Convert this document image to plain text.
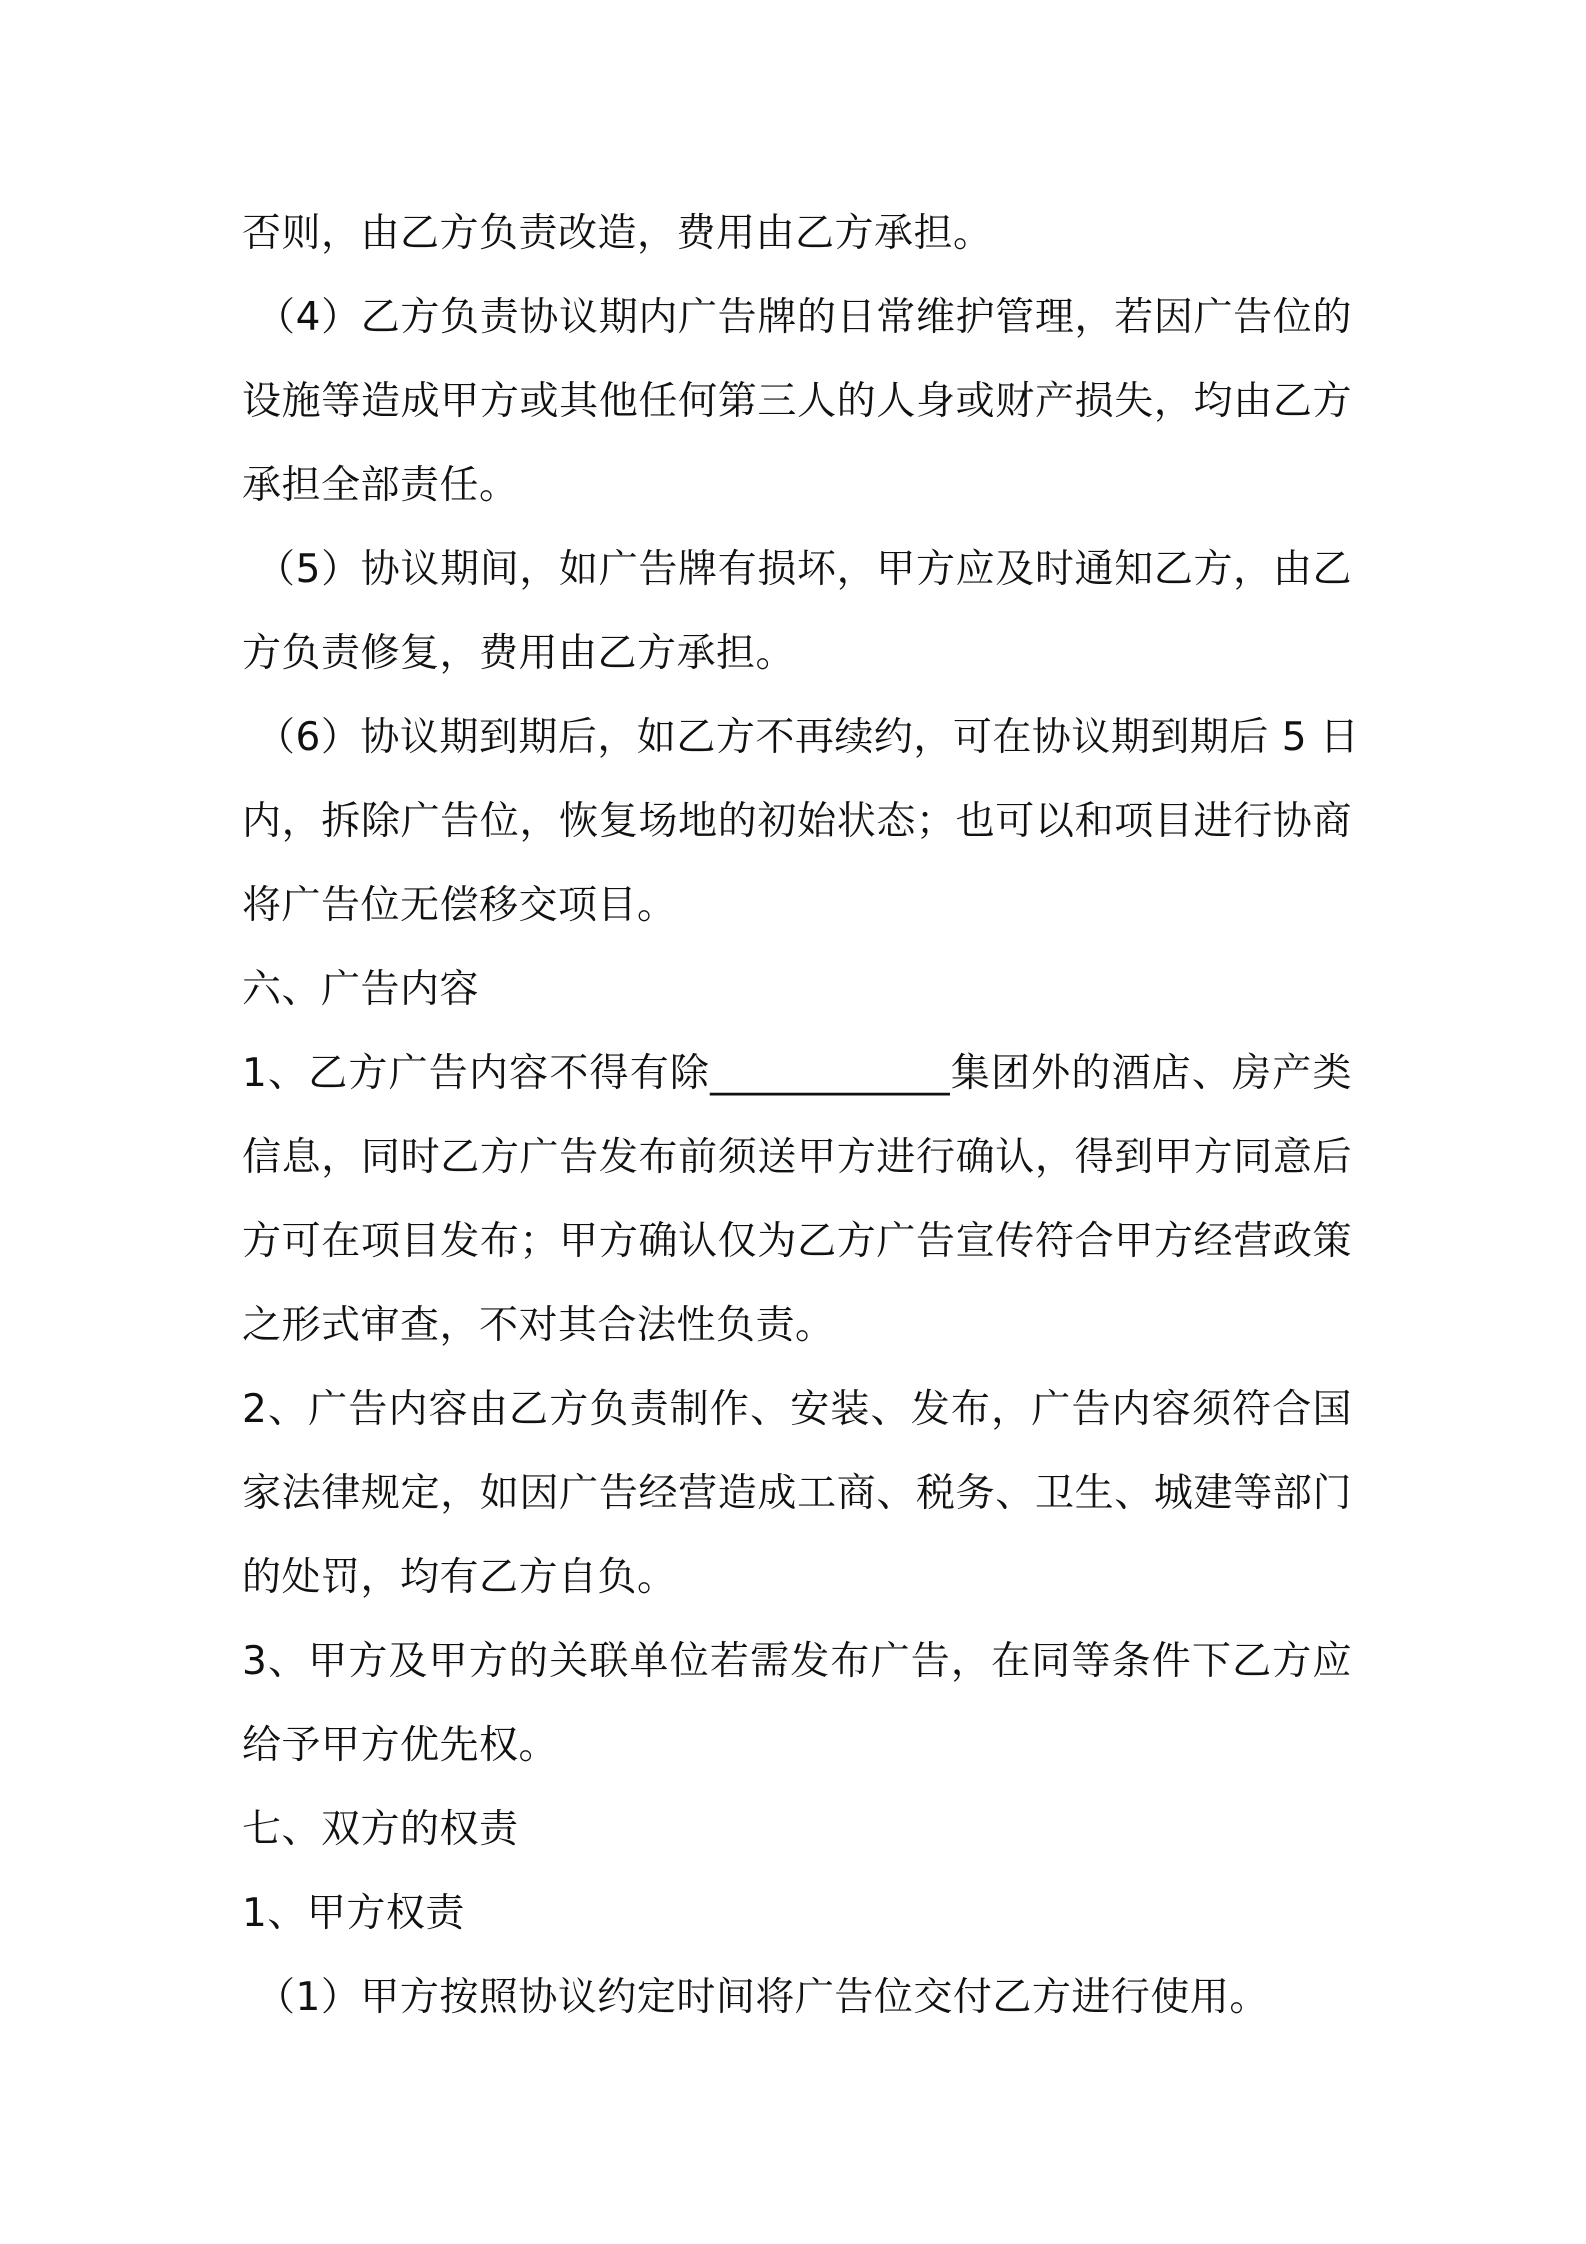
否则，由乙方负责改造，费用由乙方承担。
（4）乙方负责协议期内广告牌的日常维护管理，若因广告位的
设施等造成甲方或其他任何第三人的人身或财产损失，均由乙方
承担全部责任。
（5）协议期间，如广告牌有损坏，甲方应及时通知乙方，由乙
方负责修复，费用由乙方承担。
（6）协议期到期后，如乙方不再续约，可在协议期到期后 5 日
内，拆除广告位，恢复场地的初始状态；也可以和项目进行协商
将广告位无偿移交项目。
六、广告内容
1、乙方广告内容不得有除____________集团外的酒店、房产类
信息，同时乙方广告发布前须送甲方进行确认，得到甲方同意后
方可在项目发布；甲方确认仅为乙方广告宣传符合甲方经营政策
之形式审查，不对其合法性负责。
2、广告内容由乙方负责制作、安装、发布，广告内容须符合国
家法律规定，如因广告经营造成工商、税务、卫生、城建等部门
的处罚，均有乙方自负。
3、甲方及甲方的关联单位若需发布广告，在同等条件下乙方应
给予甲方优先权。
七、双方的权责
1、甲方权责
（1）甲方按照协议约定时间将广告位交付乙方进行使用。
